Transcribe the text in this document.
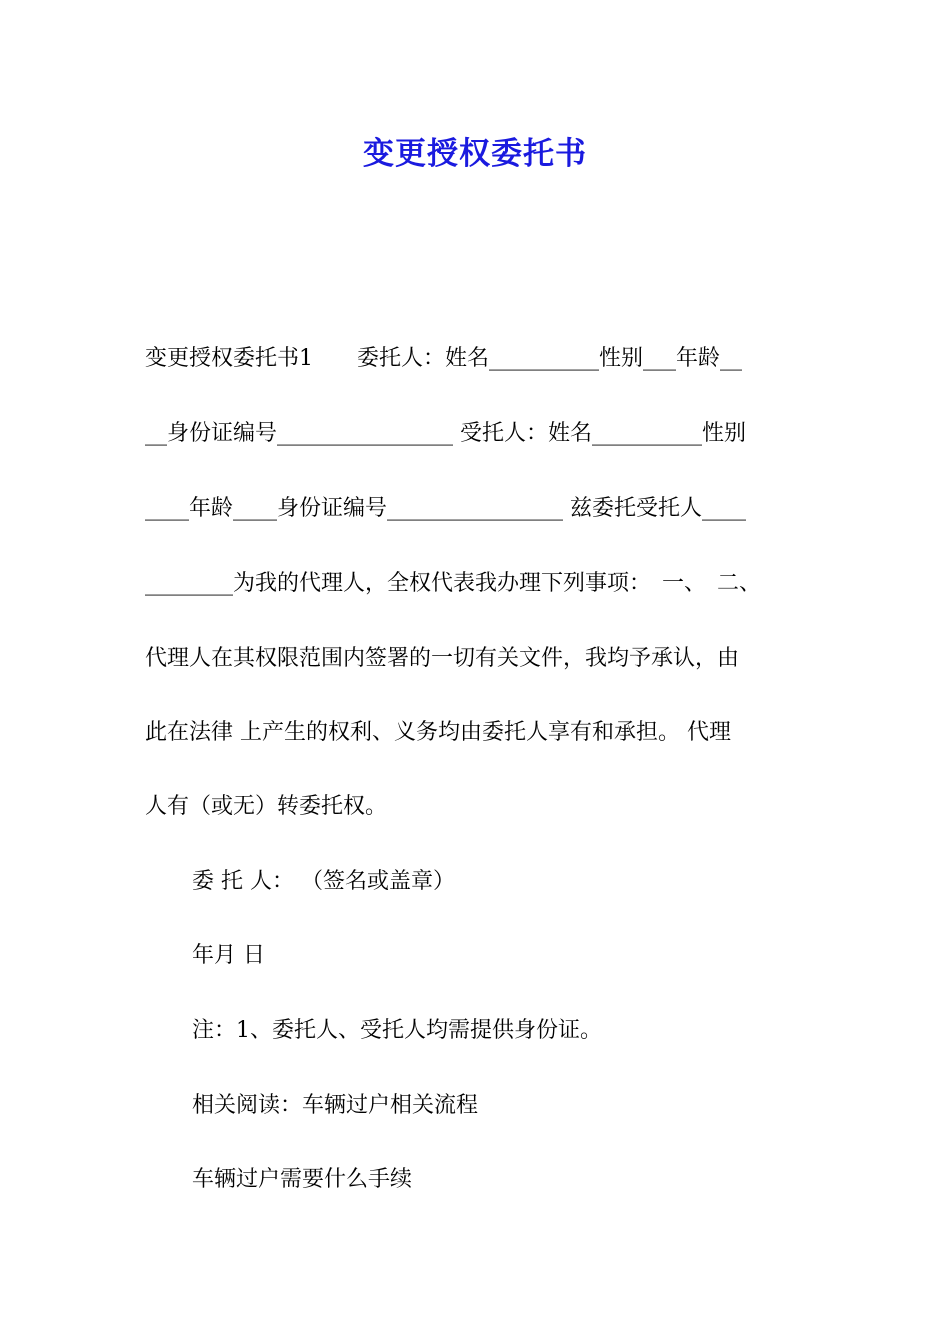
变更授权委托书
变更授权委托书1　　委托人：姓名__________性别___年龄__
__身份证编号________________ 受托人：姓名__________性别
____年龄____身份证编号________________ 兹委托受托人____
________为我的代理人，全权代表我办理下列事项：　一、　二、
代理人在其权限范围内签署的一切有关文件，我均予承认，由
此在法律 上产生的权利、义务均由委托人享有和承担。 代理
人有（或无）转委托权。
委 托 人： （签名或盖章）
年月 日
注：1、委托人、受托人均需提供身份证。
相关阅读：车辆过户相关流程
车辆过户需要什么手续
